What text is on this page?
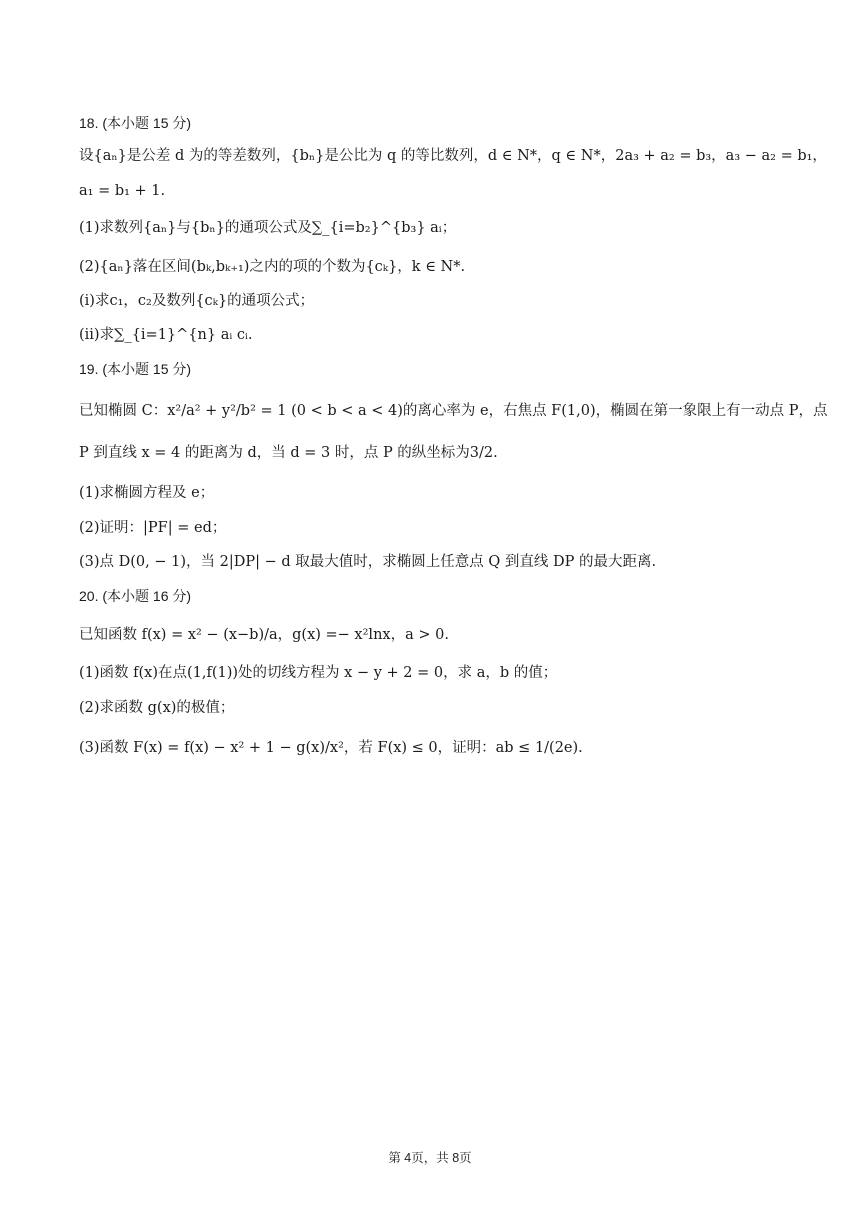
18. (本小题 15 分)
设{aₙ}是公差 d 为的等差数列，{bₙ}是公比为 q 的等比数列，d ∈ N*，q ∈ N*，2a₃ + a₂ = b₃，a₃ − a₂ = b₁，
a₁ = b₁ + 1.
(1)求数列{aₙ}与{bₙ}的通项公式及∑_{i=b₂}^{b₃} aᵢ；
(2){aₙ}落在区间(bₖ,bₖ₊₁)之内的项的个数为{cₖ}，k ∈ N*.
(i)求c₁，c₂及数列{cₖ}的通项公式；
(ii)求∑_{i=1}^{n} aᵢ cᵢ.
19. (本小题 15 分)
已知椭圆 C：x²/a² + y²/b² = 1 (0 < b < a < 4)的离心率为 e，右焦点 F(1,0)，椭圆在第一象限上有一动点 P，点
P 到直线 x = 4 的距离为 d，当 d = 3 时，点 P 的纵坐标为3/2.
(1)求椭圆方程及 e；
(2)证明：|PF| = ed；
(3)点 D(0, − 1)，当 2|DP| − d 取最大值时，求椭圆上任意点 Q 到直线 DP 的最大距离.
20. (本小题 16 分)
已知函数 f(x) = x² − (x−b)/a，g(x) =− x²lnx，a > 0.
(1)函数 f(x)在点(1,f(1))处的切线方程为 x − y + 2 = 0，求 a，b 的值；
(2)求函数 g(x)的极值；
(3)函数 F(x) = f(x) − x² + 1 − g(x)/x²，若 F(x) ≤ 0，证明：ab ≤ 1/(2e).
第 4页，共 8页
